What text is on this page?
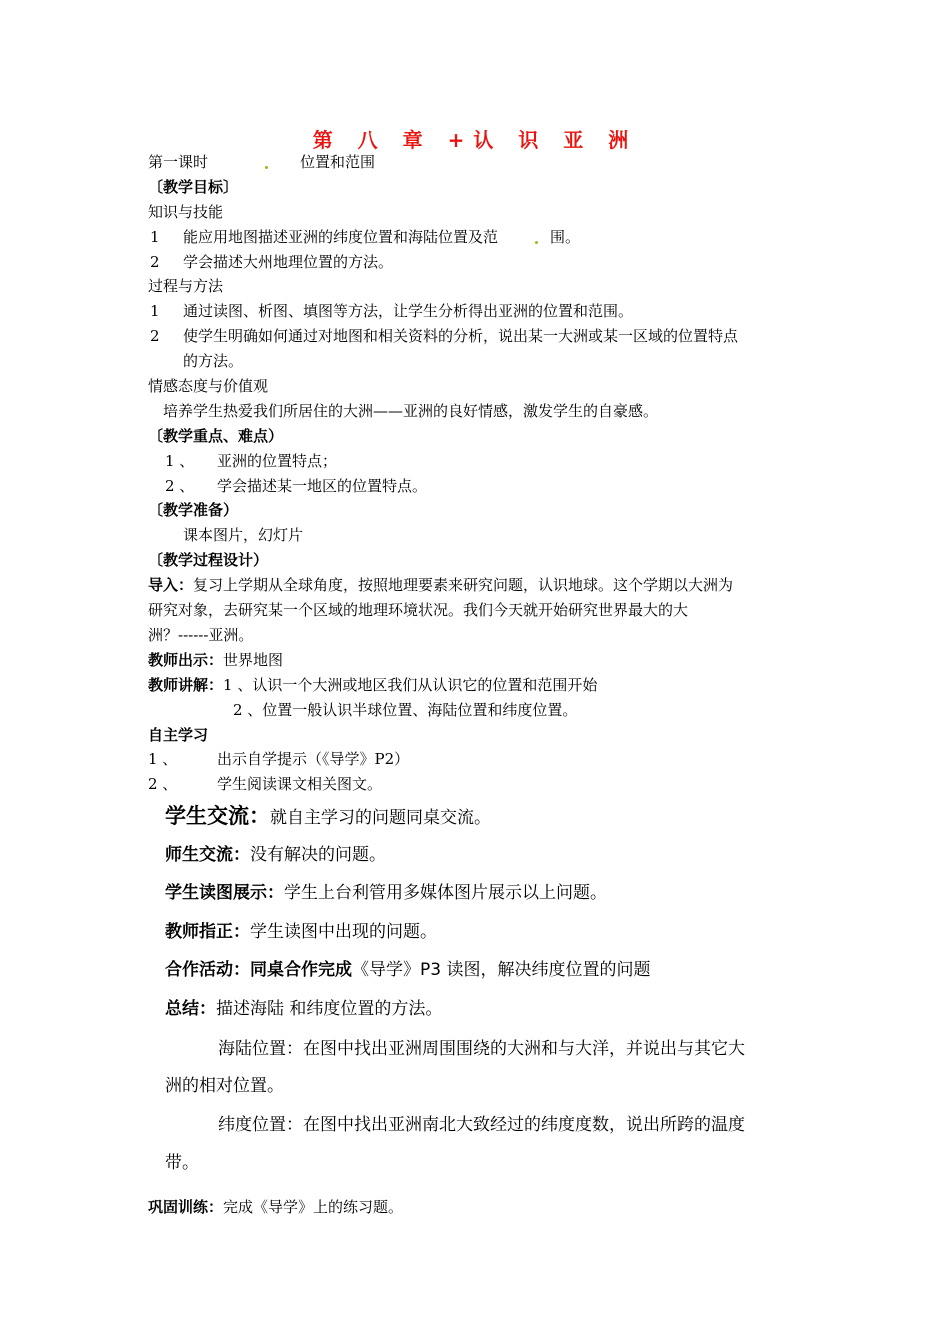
第 八 章 +认 识 亚 洲
第一课时	位置和范围
〔教学目标〕
知识与技能
1 能应用地图描述亚洲的纬度位置和海陆位置及范	围。
2 学会描述大州地理位置的方法。
过程与方法
1 通过读图、析图、填图等方法，让学生分析得出亚洲的位置和范围。
2 使学生明确如何通过对地图和相关资料的分析，说出某一大洲或某一区域的位置特点
的方法。
情感态度与价值观
培养学生热爱我们所居住的大洲——亚洲的良好情感，激发学生的自豪感。
〔教学重点、难点）
1 、 亚洲的位置特点；
2 、 学会描述某一地区的位置特点。
〔教学准备）
课本图片，幻灯片
〔教学过程设计）
导入：复习上学期从全球角度，按照地理要素来研究问题，认识地球。这个学期以大洲为
研究对象，去研究某一个区域的地理环境状况。我们今天就开始研究世界最大的大
洲？------亚洲。
教师出示：世界地图
教师讲解：1 、认识一个大洲或地区我们从认识它的位置和范围开始
2 、位置一般认识半球位置、海陆位置和纬度位置。
自主学习
1 、	出示自学提示（《导学》P2）
2 、	学生阅读课文相关图文。
学生交流：就自主学习的问题同桌交流。
师生交流：没有解决的问题。
学生读图展示：学生上台利管用多媒体图片展示以上问题。
教师指正：学生读图中出现的问题。
合作活动：同桌合作完成《导学》P3 读图，解决纬度位置的问题
总结：描述海陆 和纬度位置的方法。
海陆位置：在图中找出亚洲周围围绕的大洲和与大洋，并说出与其它大
洲的相对位置。
纬度位置：在图中找出亚洲南北大致经过的纬度度数，说出所跨的温度
带。
巩固训练：完成《导学》上的练习题。
